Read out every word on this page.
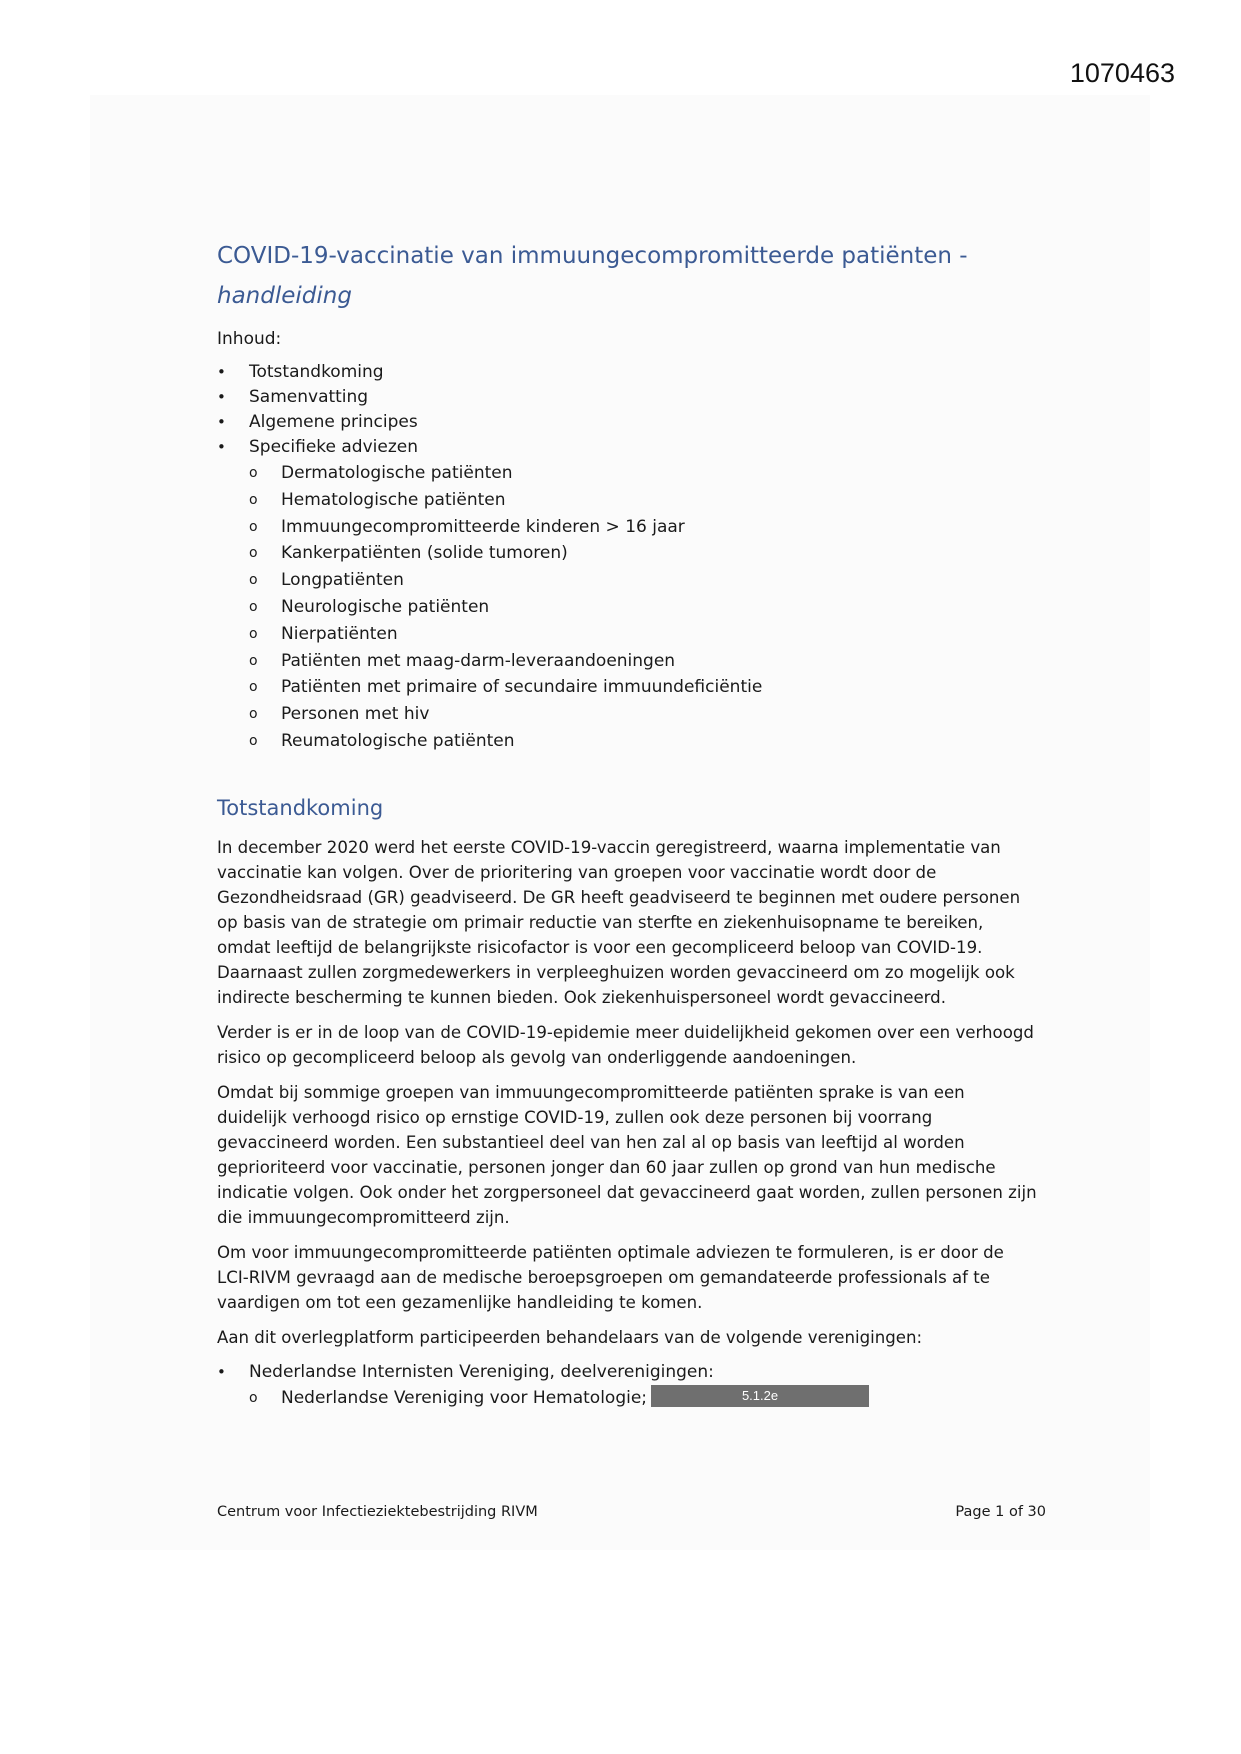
1070463
COVID-19-vaccinatie van immuungecompromitteerde patiënten -
handleiding
Inhoud:
•	Totstandkoming
•	Samenvatting
•	Algemene principes
•	Specifieke adviezen
o	Dermatologische patiënten
o	Hematologische patiënten
o	Immuungecompromitteerde kinderen > 16 jaar
o	Kankerpatiënten (solide tumoren)
o	Longpatiënten
o	Neurologische patiënten
o	Nierpatiënten
o	Patiënten met maag-darm-leveraandoeningen
o	Patiënten met primaire of secundaire immuundeficiëntie
o	Personen met hiv
o	Reumatologische patiënten
Totstandkoming

In december 2020 werd het eerste COVID-19-vaccin geregistreerd, waarna implementatie van vaccinatie kan volgen. Over de prioritering van groepen voor vaccinatie wordt door de Gezondheidsraad (GR) geadviseerd. De GR heeft geadviseerd te beginnen met oudere personen op basis van de strategie om primair reductie van sterfte en ziekenhuisopname te bereiken, omdat leeftijd de belangrijkste risicofactor is voor een gecompliceerd beloop van COVID-19. Daarnaast zullen zorgmedewerkers in verpleeghuizen worden gevaccineerd om zo mogelijk ook indirecte bescherming te kunnen bieden. Ook ziekenhuispersoneel wordt gevaccineerd.

Verder is er in de loop van de COVID-19-epidemie meer duidelijkheid gekomen over een verhoogd risico op gecompliceerd beloop als gevolg van onderliggende aandoeningen.

Omdat bij sommige groepen van immuungecompromitteerde patiënten sprake is van een duidelijk verhoogd risico op ernstige COVID-19, zullen ook deze personen bij voorrang gevaccineerd worden. Een substantieel deel van hen zal al op basis van leeftijd al worden geprioriteerd voor vaccinatie, personen jonger dan 60 jaar zullen op grond van hun medische indicatie volgen. Ook onder het zorgpersoneel dat gevaccineerd gaat worden, zullen personen zijn die immuungecompromitteerd zijn.

Om voor immuungecompromitteerde patiënten optimale adviezen te formuleren, is er door de LCI-RIVM gevraagd aan de medische beroepsgroepen om gemandateerde professionals af te vaardigen om tot een gezamenlijke handleiding te komen.

Aan dit overlegplatform participeerden behandelaars van de volgende verenigingen:

•	Nederlandse Internisten Vereniging, deelverenigingen:
o	Nederlandse Vereniging voor Hematologie;	5.1.2e
Centrum voor Infectieziektebestrijding RIVM	Page 1 of 30
